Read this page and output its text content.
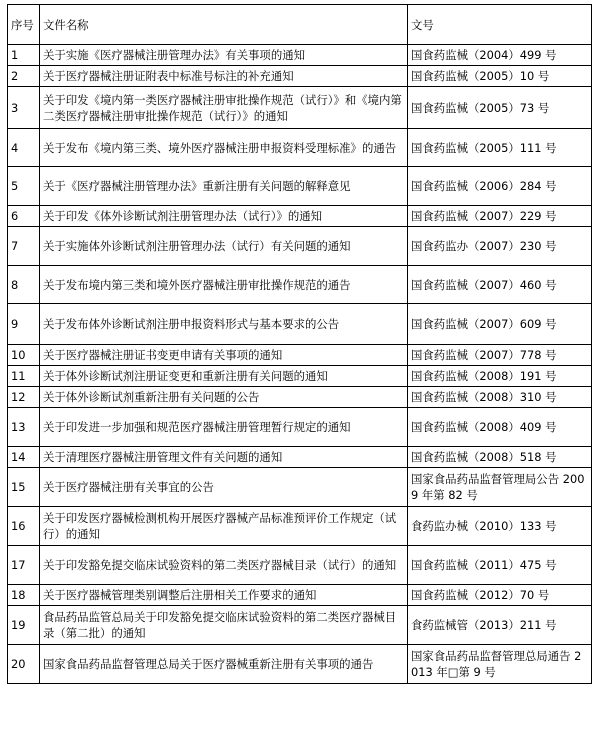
序号	文件名称	文号
1	关于实施《医疗器械注册管理办法》有关事项的通知	国食药监械（2004）499 号
2	关于医疗器械注册证附表中标准号标注的补充通知	国食药监械（2005）10 号
3	关于印发《境内第一类医疗器械注册审批操作规范（试行）》和《境内第二类医疗器械注册审批操作规范（试行）》的通知	国食药监械（2005）73 号
4	关于发布《境内第三类、境外医疗器械注册申报资料受理标准》的通告	国食药监械（2005）111 号
5	关于《医疗器械注册管理办法》重新注册有关问题的解释意见	国食药监械（2006）284 号
6	关于印发《体外诊断试剂注册管理办法（试行）》的通知	国食药监械（2007）229 号
7	关于实施体外诊断试剂注册管理办法（试行）有关问题的通知	国食药监办（2007）230 号
8	关于发布境内第三类和境外医疗器械注册审批操作规范的通告	国食药监械（2007）460 号
9	关于发布体外诊断试剂注册申报资料形式与基本要求的公告	国食药监械（2007）609 号
10	关于医疗器械注册证书变更申请有关事项的通知	国食药监械（2007）778 号
11	关于体外诊断试剂注册证变更和重新注册有关问题的通知	国食药监械（2008）191 号
12	关于体外诊断试剂重新注册有关问题的公告	国食药监械（2008）310 号
13	关于印发进一步加强和规范医疗器械注册管理暂行规定的通知	国食药监械（2008）409 号
14	关于清理医疗器械注册管理文件有关问题的通知	国食药监械（2008）518 号
15	关于医疗器械注册有关事宜的公告	国家食品药品监督管理局公告 2009 年第 82 号
16	关于印发医疗器械检测机构开展医疗器械产品标准预评价工作规定（试行）的通知	食药监办械（2010）133 号
17	关于印发豁免提交临床试验资料的第二类医疗器械目录（试行）的通知	国食药监械（2011）475 号
18	关于医疗器械管理类别调整后注册相关工作要求的通知	国食药监械（2012）70 号
19	食品药品监管总局关于印发豁免提交临床试验资料的第二类医疗器械目录（第二批）的通知	食药监械管（2013）211 号
20	国家食品药品监督管理总局关于医疗器械重新注册有关事项的通告	国家食品药品监督管理总局通告 2013 年□第 9 号
